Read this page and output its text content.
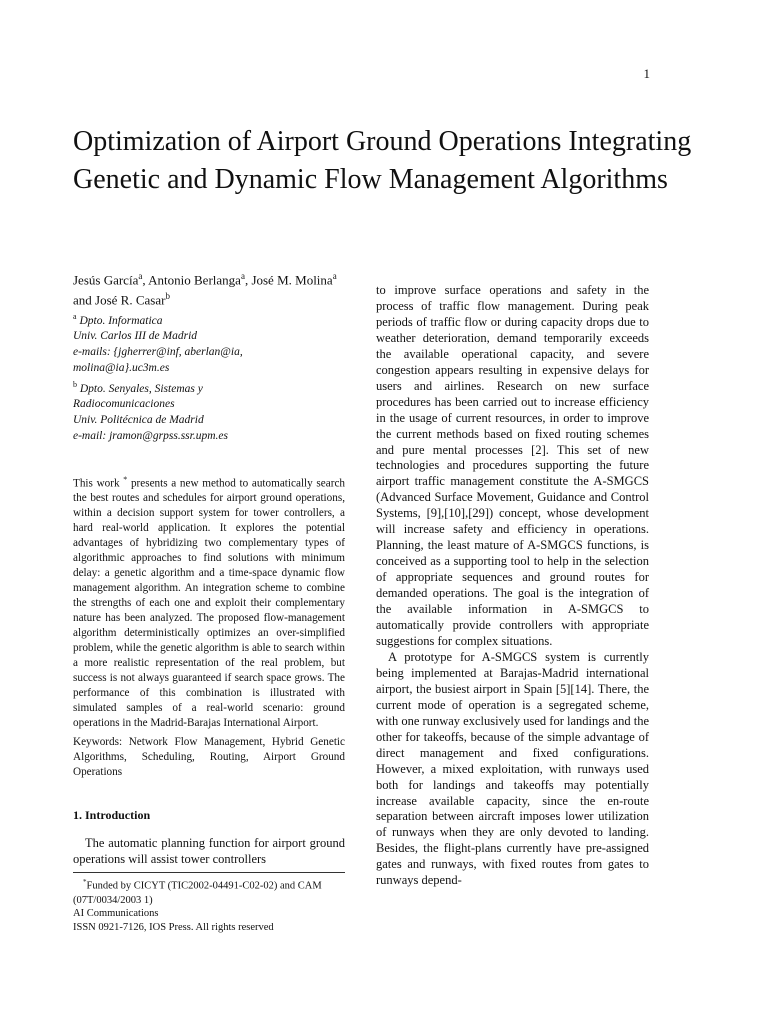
1
Optimization of Airport Ground Operations Integrating Genetic and Dynamic Flow Management Algorithms

Jesús García$^a$, Antonio Berlanga$^a$, José M. Molina$^a$ and José R. Casar$^b$

$^a$ Dpto. Informatica

Univ. Carlos III de Madrid

e-mails: {jgherrer@inf, aberlan@ia,

molina@ia}.uc3m.es

$^b$ Dpto. Senyales, Sistemas y

Radiocomunicaciones

Univ. Politécnica de Madrid

e-mail: jramon@grpss.ssr.upm.es

This work * presents a new method to automatically search the best routes and schedules for airport ground operations, within a decision support system for tower controllers, a hard real-world application. It explores the potential advantages of hybridizing two complementary types of algorithmic approaches to find solutions with minimum delay: a genetic algorithm and a time-space dynamic flow management algorithm. An integration scheme to combine the strengths of each one and exploit their complementary nature has been analyzed. The proposed flow-management algorithm deterministically optimizes an over-simplified problem, while the genetic algorithm is able to search within a more realistic representation of the real problem, but success is not always guaranteed if search space grows. The performance of this combination is illustrated with simulated samples of a real-world scenario: ground operations in the Madrid-Barajas International Airport.

Keywords: Network Flow Management, Hybrid Genetic Algorithms, Scheduling, Routing, Airport Ground Operations

1. Introduction

The automatic planning function for airport ground operations will assist tower controllers

*Funded by CICYT (TIC2002-04491-C02-02) and CAM (07T/0034/2003 1)

AI Communications

ISSN 0921-7126, IOS Press. All rights reserved

to improve surface operations and safety in the process of traffic flow management. During peak periods of traffic flow or during capacity drops due to weather deterioration, demand temporarily exceeds the available operational capacity, and severe congestion appears resulting in expensive delays for users and airlines. Research on new surface procedures has been carried out to increase efficiency in the usage of current resources, in order to improve the current methods based on fixed routing schemes and pure mental processes [2]. This set of new technologies and procedures supporting the future airport traffic management constitute the A-SMGCS (Advanced Surface Movement, Guidance and Control Systems, [9],[10],[29]) concept, whose development will increase safety and efficiency in operations. Planning, the least mature of A-SMGCS functions, is conceived as a supporting tool to help in the selection of appropriate sequences and ground routes for demanded operations. The goal is the integration of the available information in A-SMGCS to automatically provide controllers with appropriate suggestions for complex situations.

A prototype for A-SMGCS system is currently being implemented at Barajas-Madrid international airport, the busiest airport in Spain [5][14]. There, the current mode of operation is a segregated scheme, with one runway exclusively used for landings and the other for takeoffs, because of the simple advantage of direct management and fixed configurations. However, a mixed exploitation, with runways used both for landings and takeoffs may potentially increase available capacity, since the en-route separation between aircraft imposes lower utilization of runways when they are only devoted to landing. Besides, the flight-plans currently have pre-assigned gates and runways, with fixed routes from gates to runways depend-
